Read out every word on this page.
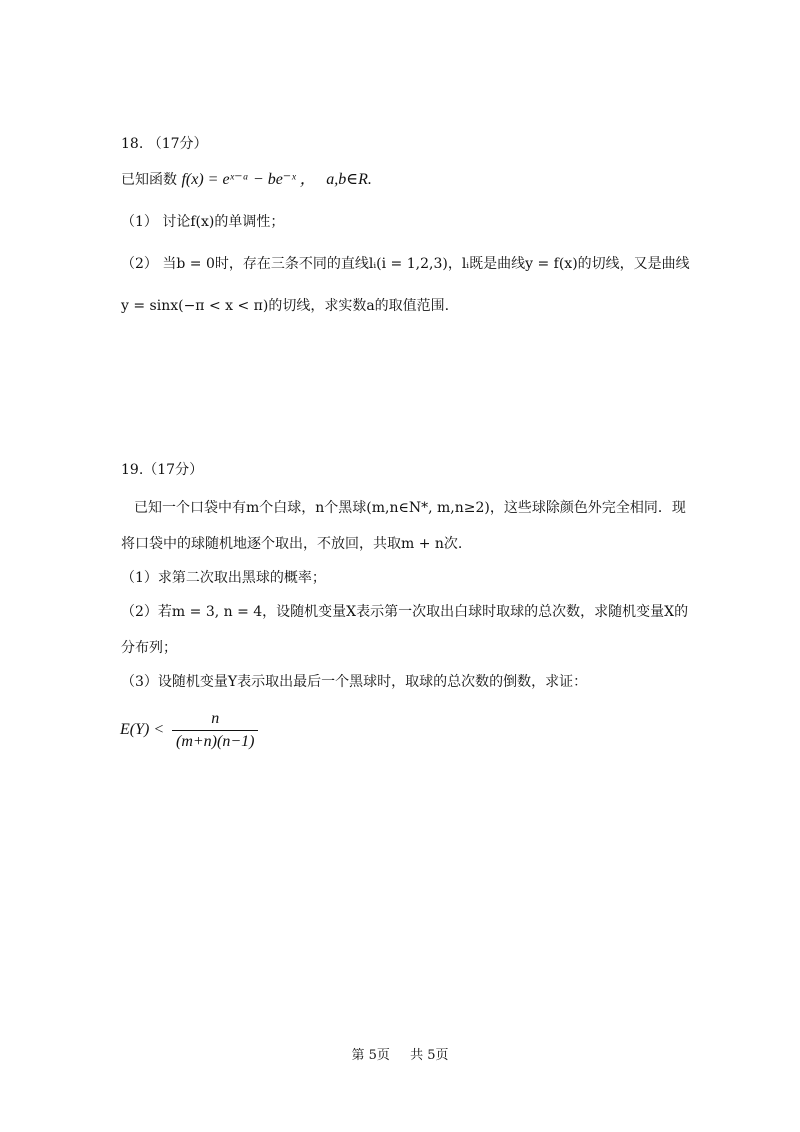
18. （17分）
已知函数 f(x) = eˣ⁻ᵃ − be⁻ˣ ， a,b∈R.
（1） 讨论f(x)的单调性；
（2） 当b = 0时，存在三条不同的直线lᵢ(i = 1,2,3)，lᵢ既是曲线y = f(x)的切线，又是曲线
y = sinx(−π < x < π)的切线，求实数a的取值范围.
19.（17分）
已知一个口袋中有m个白球，n个黑球(m,n∈N*, m,n≥2)，这些球除颜色外完全相同．现
将口袋中的球随机地逐个取出，不放回，共取m + n次.
（1）求第二次取出黑球的概率；
（2）若m = 3, n = 4，设随机变量X表示第一次取出白球时取球的总次数，求随机变量X的
分布列；
（3）设随机变量Y表示取出最后一个黑球时，取球的总次数的倒数，求证：
E(Y) <
n
(m+n)(n−1)
第 5页 共 5页
